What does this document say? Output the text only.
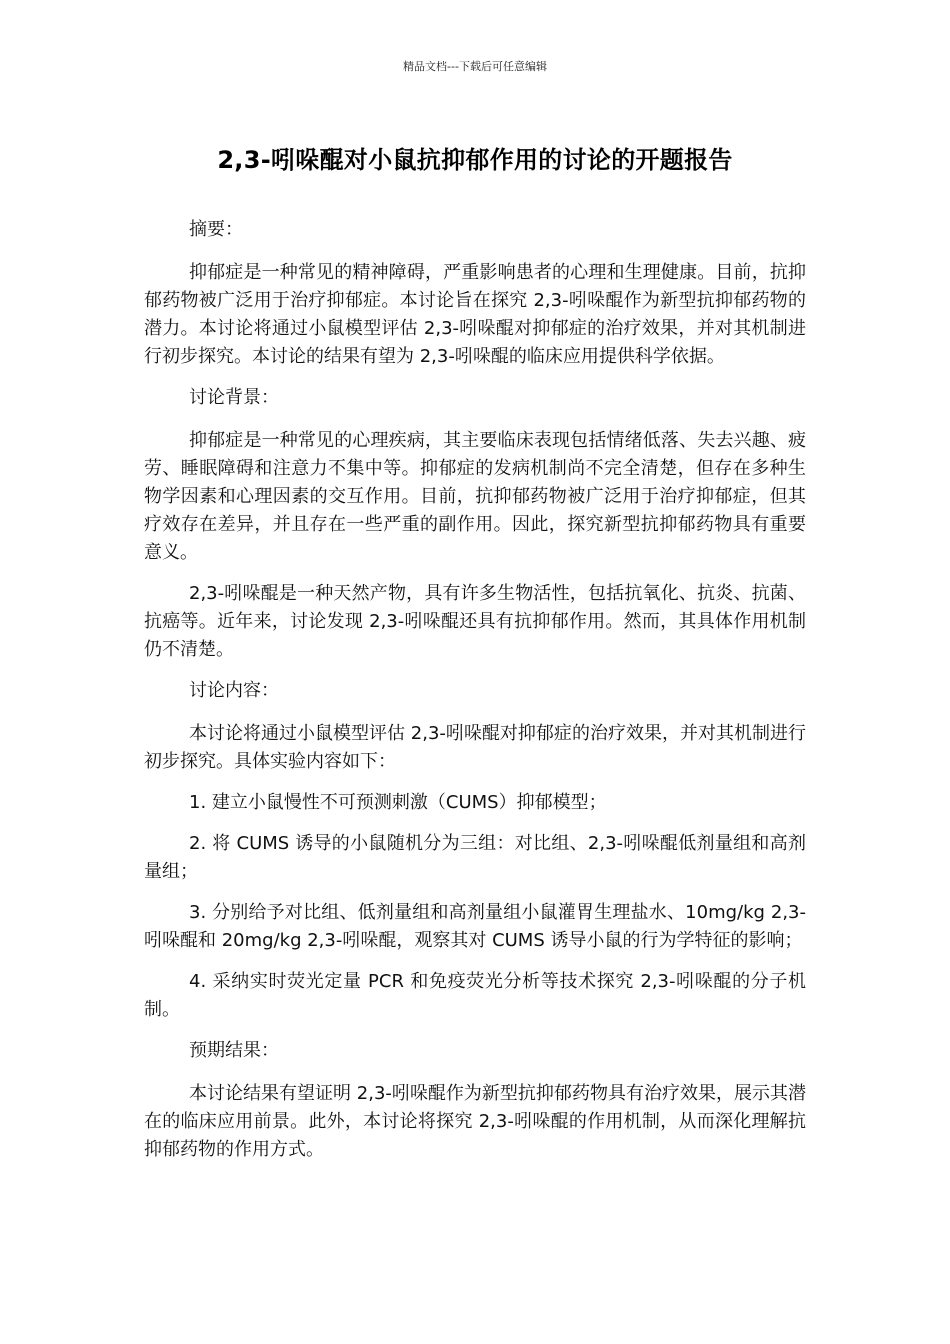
精品文档---下载后可任意编辑
2,3-吲哚醌对小鼠抗抑郁作用的讨论的开题报告

摘要：

抑郁症是一种常见的精神障碍，严重影响患者的心理和生理健康。目前，抗抑郁药物被广泛用于治疗抑郁症。本讨论旨在探究 2,3-吲哚醌作为新型抗抑郁药物的潜力。本讨论将通过小鼠模型评估 2,3-吲哚醌对抑郁症的治疗效果，并对其机制进行初步探究。本讨论的结果有望为 2,3-吲哚醌的临床应用提供科学依据。

讨论背景：

抑郁症是一种常见的心理疾病，其主要临床表现包括情绪低落、失去兴趣、疲劳、睡眠障碍和注意力不集中等。抑郁症的发病机制尚不完全清楚，但存在多种生物学因素和心理因素的交互作用。目前，抗抑郁药物被广泛用于治疗抑郁症，但其疗效存在差异，并且存在一些严重的副作用。因此，探究新型抗抑郁药物具有重要意义。

2,3-吲哚醌是一种天然产物，具有许多生物活性，包括抗氧化、抗炎、抗菌、抗癌等。近年来，讨论发现 2,3-吲哚醌还具有抗抑郁作用。然而，其具体作用机制仍不清楚。

讨论内容：

本讨论将通过小鼠模型评估 2,3-吲哚醌对抑郁症的治疗效果，并对其机制进行初步探究。具体实验内容如下：

1. 建立小鼠慢性不可预测刺激（CUMS）抑郁模型；

2. 将 CUMS 诱导的小鼠随机分为三组：对比组、2,3-吲哚醌低剂量组和高剂量组；

3. 分别给予对比组、低剂量组和高剂量组小鼠灌胃生理盐水、10mg/kg 2,3-吲哚醌和 20mg/kg 2,3-吲哚醌，观察其对 CUMS 诱导小鼠的行为学特征的影响；

4. 采纳实时荧光定量 PCR 和免疫荧光分析等技术探究 2,3-吲哚醌的分子机制。

预期结果：

本讨论结果有望证明 2,3-吲哚醌作为新型抗抑郁药物具有治疗效果，展示其潜在的临床应用前景。此外，本讨论将探究 2,3-吲哚醌的作用机制，从而深化理解抗抑郁药物的作用方式。
